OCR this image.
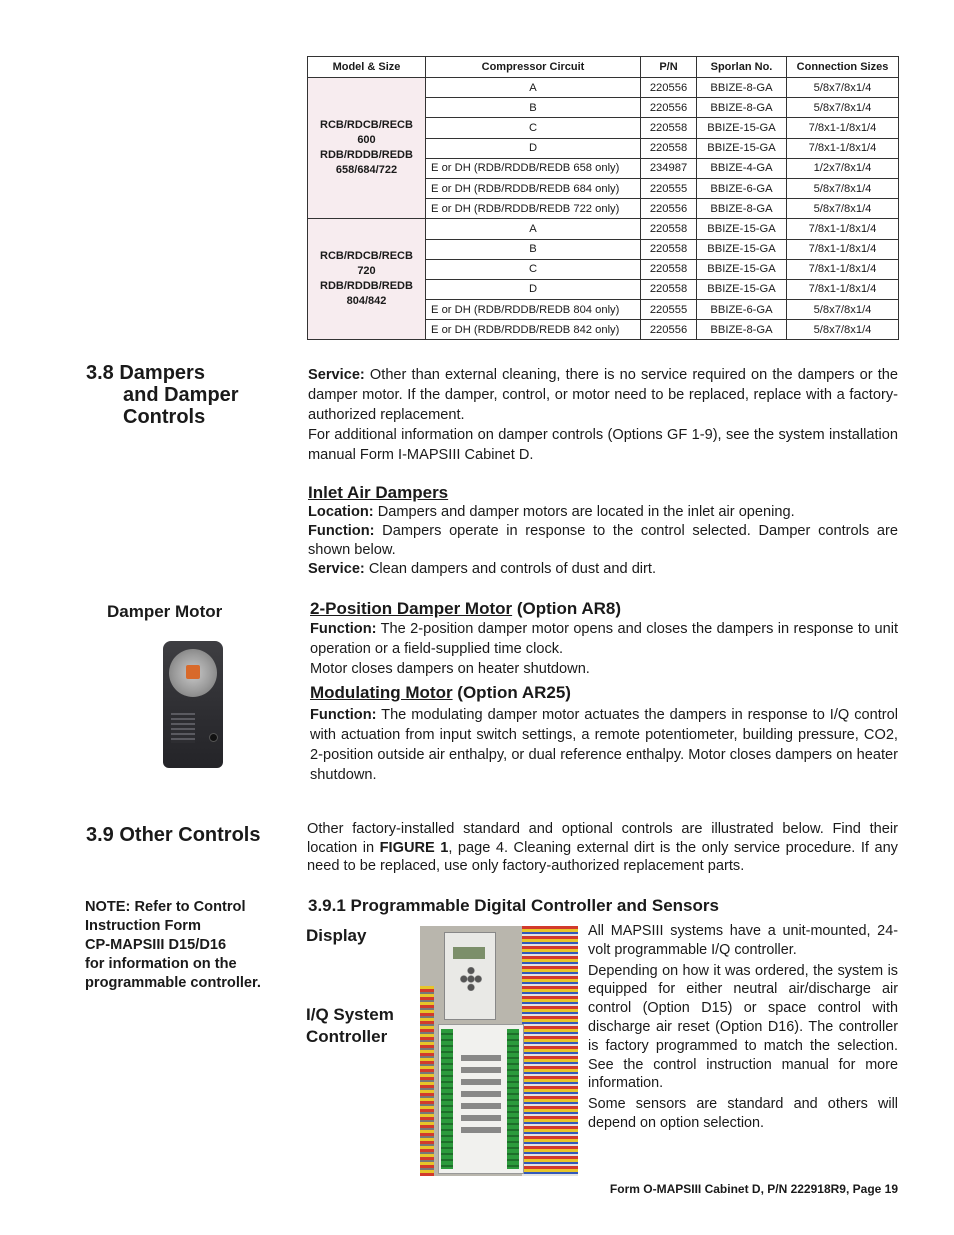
Model & Size	Compressor Circuit	P/N	Sporlan No.	Connection Sizes
RCB/RDCB/RECB
600
RDB/RDDB/REDB
658/684/722	A	220556	BBIZE-8-GA	5/8x7/8x1/4
	B	220556	BBIZE-8-GA	5/8x7/8x1/4
	C	220558	BBIZE-15-GA	7/8x1-1/8x1/4
	D	220558	BBIZE-15-GA	7/8x1-1/8x1/4
	E or DH (RDB/RDDB/REDB 658 only)	234987	BBIZE-4-GA	1/2x7/8x1/4
	E or DH (RDB/RDDB/REDB 684 only)	220555	BBIZE-6-GA	5/8x7/8x1/4
	E or DH (RDB/RDDB/REDB 722 only)	220556	BBIZE-8-GA	5/8x7/8x1/4
RCB/RDCB/RECB
720
RDB/RDDB/REDB
804/842	A	220558	BBIZE-15-GA	7/8x1-1/8x1/4
	B	220558	BBIZE-15-GA	7/8x1-1/8x1/4
	C	220558	BBIZE-15-GA	7/8x1-1/8x1/4
	D	220558	BBIZE-15-GA	7/8x1-1/8x1/4
	E or DH (RDB/RDDB/REDB 804 only)	220555	BBIZE-6-GA	5/8x7/8x1/4
	E or DH (RDB/RDDB/REDB 842 only)	220556	BBIZE-8-GA	5/8x7/8x1/4
3.8 Dampers
and Damper
Controls

Service: Other than external cleaning, there is no service required on the dampers or the damper motor. If the damper, control, or motor need to be replaced, replace with a factory-authorized replacement.

For additional information on damper controls (Options GF 1-9), see the system installation manual Form I-MAPSIII Cabinet D.

Inlet Air Dampers

Location: Dampers and damper motors are located in the inlet air opening.

Function: Dampers operate in response to the control selected. Damper controls are shown below.

Service: Clean dampers and controls of dust and dirt.

Damper Motor	2-Position Damper Motor (Option AR8)

Function: The 2-position damper motor opens and closes the dampers in response to unit operation or a field-supplied time clock.

Motor closes dampers on heater shutdown.

Modulating Motor (Option AR25)

Function: The modulating damper motor actuates the dampers in response to I/Q control with actuation from input switch settings, a remote potentiometer, building pressure, CO2, 2-position outside air enthalpy, or dual reference enthalpy. Motor closes dampers on heater shutdown.

3.9 Other Controls	Other factory-installed standard and optional controls are illustrated below. Find their location in FIGURE 1, page 4. Cleaning external dirt is the only service procedure. If any need to be replaced, use only factory-authorized replacement parts.

NOTE: Refer to Control
Instruction Form
CP-MAPSIII D15/D16
for information on the
programmable controller.
3.9.1 Programmable Digital Controller and Sensors
Display
I/Q System
Controller

All MAPSIII systems have a unit-mounted, 24-volt programmable I/Q controller.

Depending on how it was ordered, the system is equipped for either neutral air/discharge air control (Option D15) or space control with discharge air reset (Option D16). The controller is factory programmed to match the selection. See the control instruction manual for more information.

Some sensors are standard and others will depend on option selection.

Form O-MAPSIII Cabinet D, P/N 222918R9, Page 19
